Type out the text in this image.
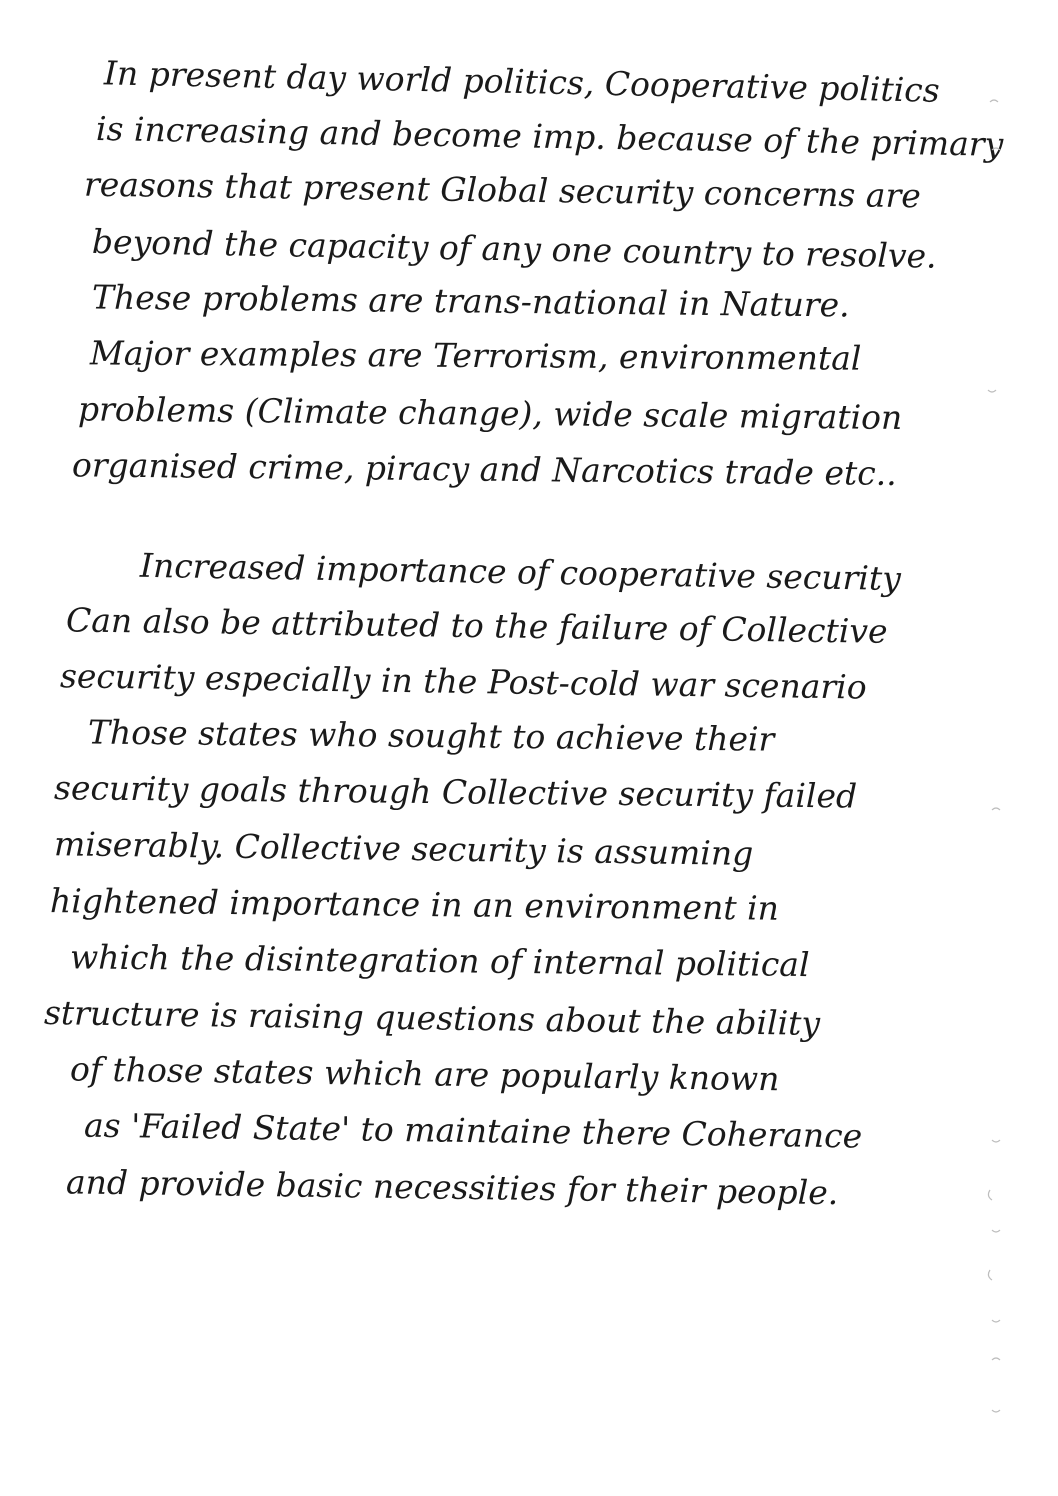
In present day world politics, Cooperative politics
is increasing and become imp. because of the primary
reasons that present Global security concerns are
beyond the capacity of any one country to resolve.
These problems are trans-national in Nature.
Major examples are Terrorism, environmental
problems (Climate change), wide scale migration
organised crime, piracy and Narcotics trade etc..
Increased importance of cooperative security
Can also be attributed to the failure of Collective
security especially in the Post-cold war scenario
Those states who sought to achieve their
security goals through Collective security failed
miserably. Collective security is assuming
hightened importance in an environment in
which the disintegration of internal political
structure is raising questions about the ability
of those states which are popularly known
as 'Failed State' to maintaine there Coherance
and provide basic necessities for their people.
